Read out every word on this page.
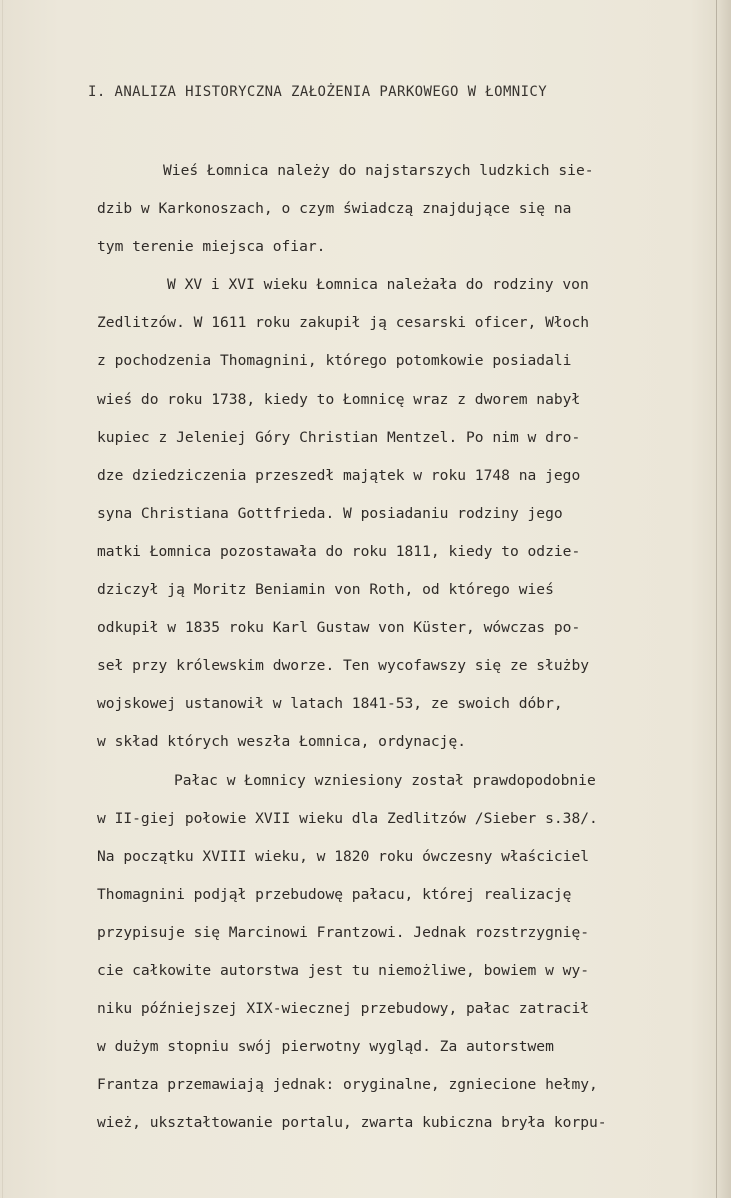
I. ANALIZA HISTORYCZNA ZAŁOŻENIA PARKOWEGO W ŁOMNICY
Wieś Łomnica należy do najstarszych ludzkich sie-
dzib w Karkonoszach, o czym świadczą znajdujące się na
tym terenie miejsca ofiar.
W XV i XVI wieku Łomnica należała do rodziny von
Zedlitzów. W 1611 roku zakupił ją cesarski oficer, Włoch
z pochodzenia Thomagnini, którego potomkowie posiadali
wieś do roku 1738, kiedy to Łomnicę wraz z dworem nabył
kupiec z Jeleniej Góry Christian Mentzel. Po nim w dro-
dze dziedziczenia przeszedł majątek w roku 1748 na jego
syna Christiana Gottfrieda. W posiadaniu rodziny jego
matki Łomnica pozostawała do roku 1811, kiedy to odzie-
dziczył ją Moritz Beniamin von Roth, od którego wieś
odkupił w 1835 roku Karl Gustaw von Küster, wówczas po-
seł przy królewskim dworze. Ten wycofawszy się ze służby
wojskowej ustanowił w latach 1841-53, ze swoich dóbr,
w skład których weszła Łomnica, ordynację.
Pałac w Łomnicy wzniesiony został prawdopodobnie
w II-giej połowie XVII wieku dla Zedlitzów /Sieber s.38/.
Na początku XVIII wieku, w 1820 roku ówczesny właściciel
Thomagnini podjął przebudowę pałacu, której realizację
przypisuje się Marcinowi Frantzowi. Jednak rozstrzygnię-
cie całkowite autorstwa jest tu niemożliwe, bowiem w wy-
niku późniejszej XIX-wiecznej przebudowy, pałac zatracił
w dużym stopniu swój pierwotny wygląd. Za autorstwem
Frantza przemawiają jednak: oryginalne, zgniecione hełmy,
wież, ukształtowanie portalu, zwarta kubiczna bryła korpu-
